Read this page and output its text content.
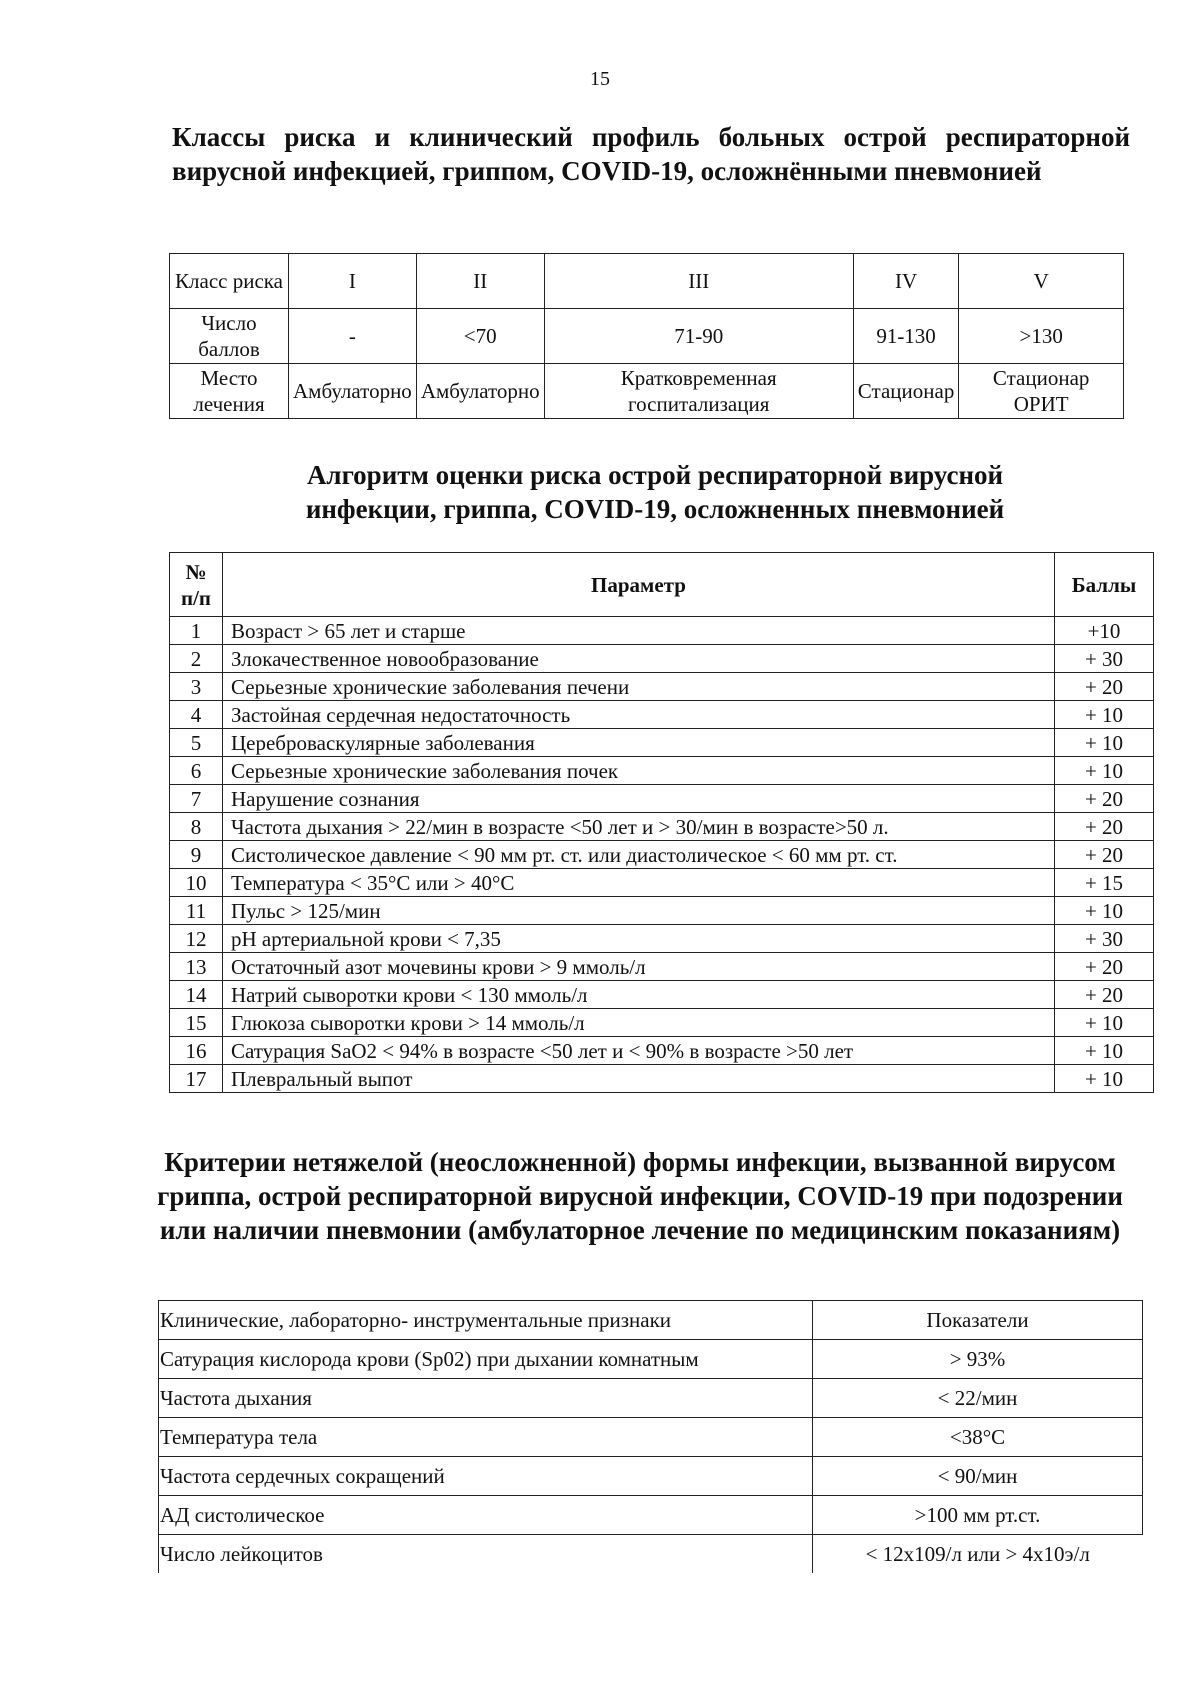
15
Классы риска и клинический профиль больных острой респираторной вирусной инфекцией, гриппом, COVID-19, осложнёнными пневмонией
Класс риска	I	II	III	IV	V
Число баллов	-	<70	71-90	91-130	>130
Место лечения	Амбулаторно	Амбулаторно	Кратковременная госпитализация	Стационар	Стационар ОРИТ
Алгоритм оценки риска острой респираторной вирусной инфекции, гриппа, COVID-19, осложненных пневмонией
№ п/п	Параметр	Баллы
1	Возраст > 65 лет и старше	+10
2	Злокачественное новообразование	+ 30
3	Серьезные хронические заболевания печени	+ 20
4	Застойная сердечная недостаточность	+ 10
5	Цереброваскулярные заболевания	+ 10
6	Серьезные хронические заболевания почек	+ 10
7	Нарушение сознания	+ 20
8	Частота дыхания > 22/мин в возрасте <50 лет и > 30/мин в возрасте>50 л.	+ 20
9	Систолическое давление < 90 мм рт. ст. или диастолическое < 60 мм рт. ст.	+ 20
10	Температура < 35°С или > 40°С	+ 15
11	Пульс > 125/мин	+ 10
12	pH артериальной крови < 7,35	+ 30
13	Остаточный азот мочевины крови > 9 ммоль/л	+ 20
14	Натрий сыворотки крови < 130 ммоль/л	+ 20
15	Глюкоза сыворотки крови > 14 ммоль/л	+ 10
16	Сатурация SaO2 < 94% в возрасте <50 лет и < 90% в возрасте >50 лет	+ 10
17	Плевральный выпот	+ 10
Критерии нетяжелой (неосложненной) формы инфекции, вызванной вирусом гриппа, острой респираторной вирусной инфекции, COVID-19 при подозрении или наличии пневмонии (амбулаторное лечение по медицинским показаниям)
Клинические, лабораторно- инструментальные признаки	Показатели
Сатурация кислорода крови (Sp02) при дыхании комнатным	> 93%
Частота дыхания	< 22/мин
Температура тела	<38°С
Частота сердечных сокращений	< 90/мин
АД систолическое	>100 мм рт.ст.
Число лейкоцитов	< 12х109/л или > 4х10э/л
